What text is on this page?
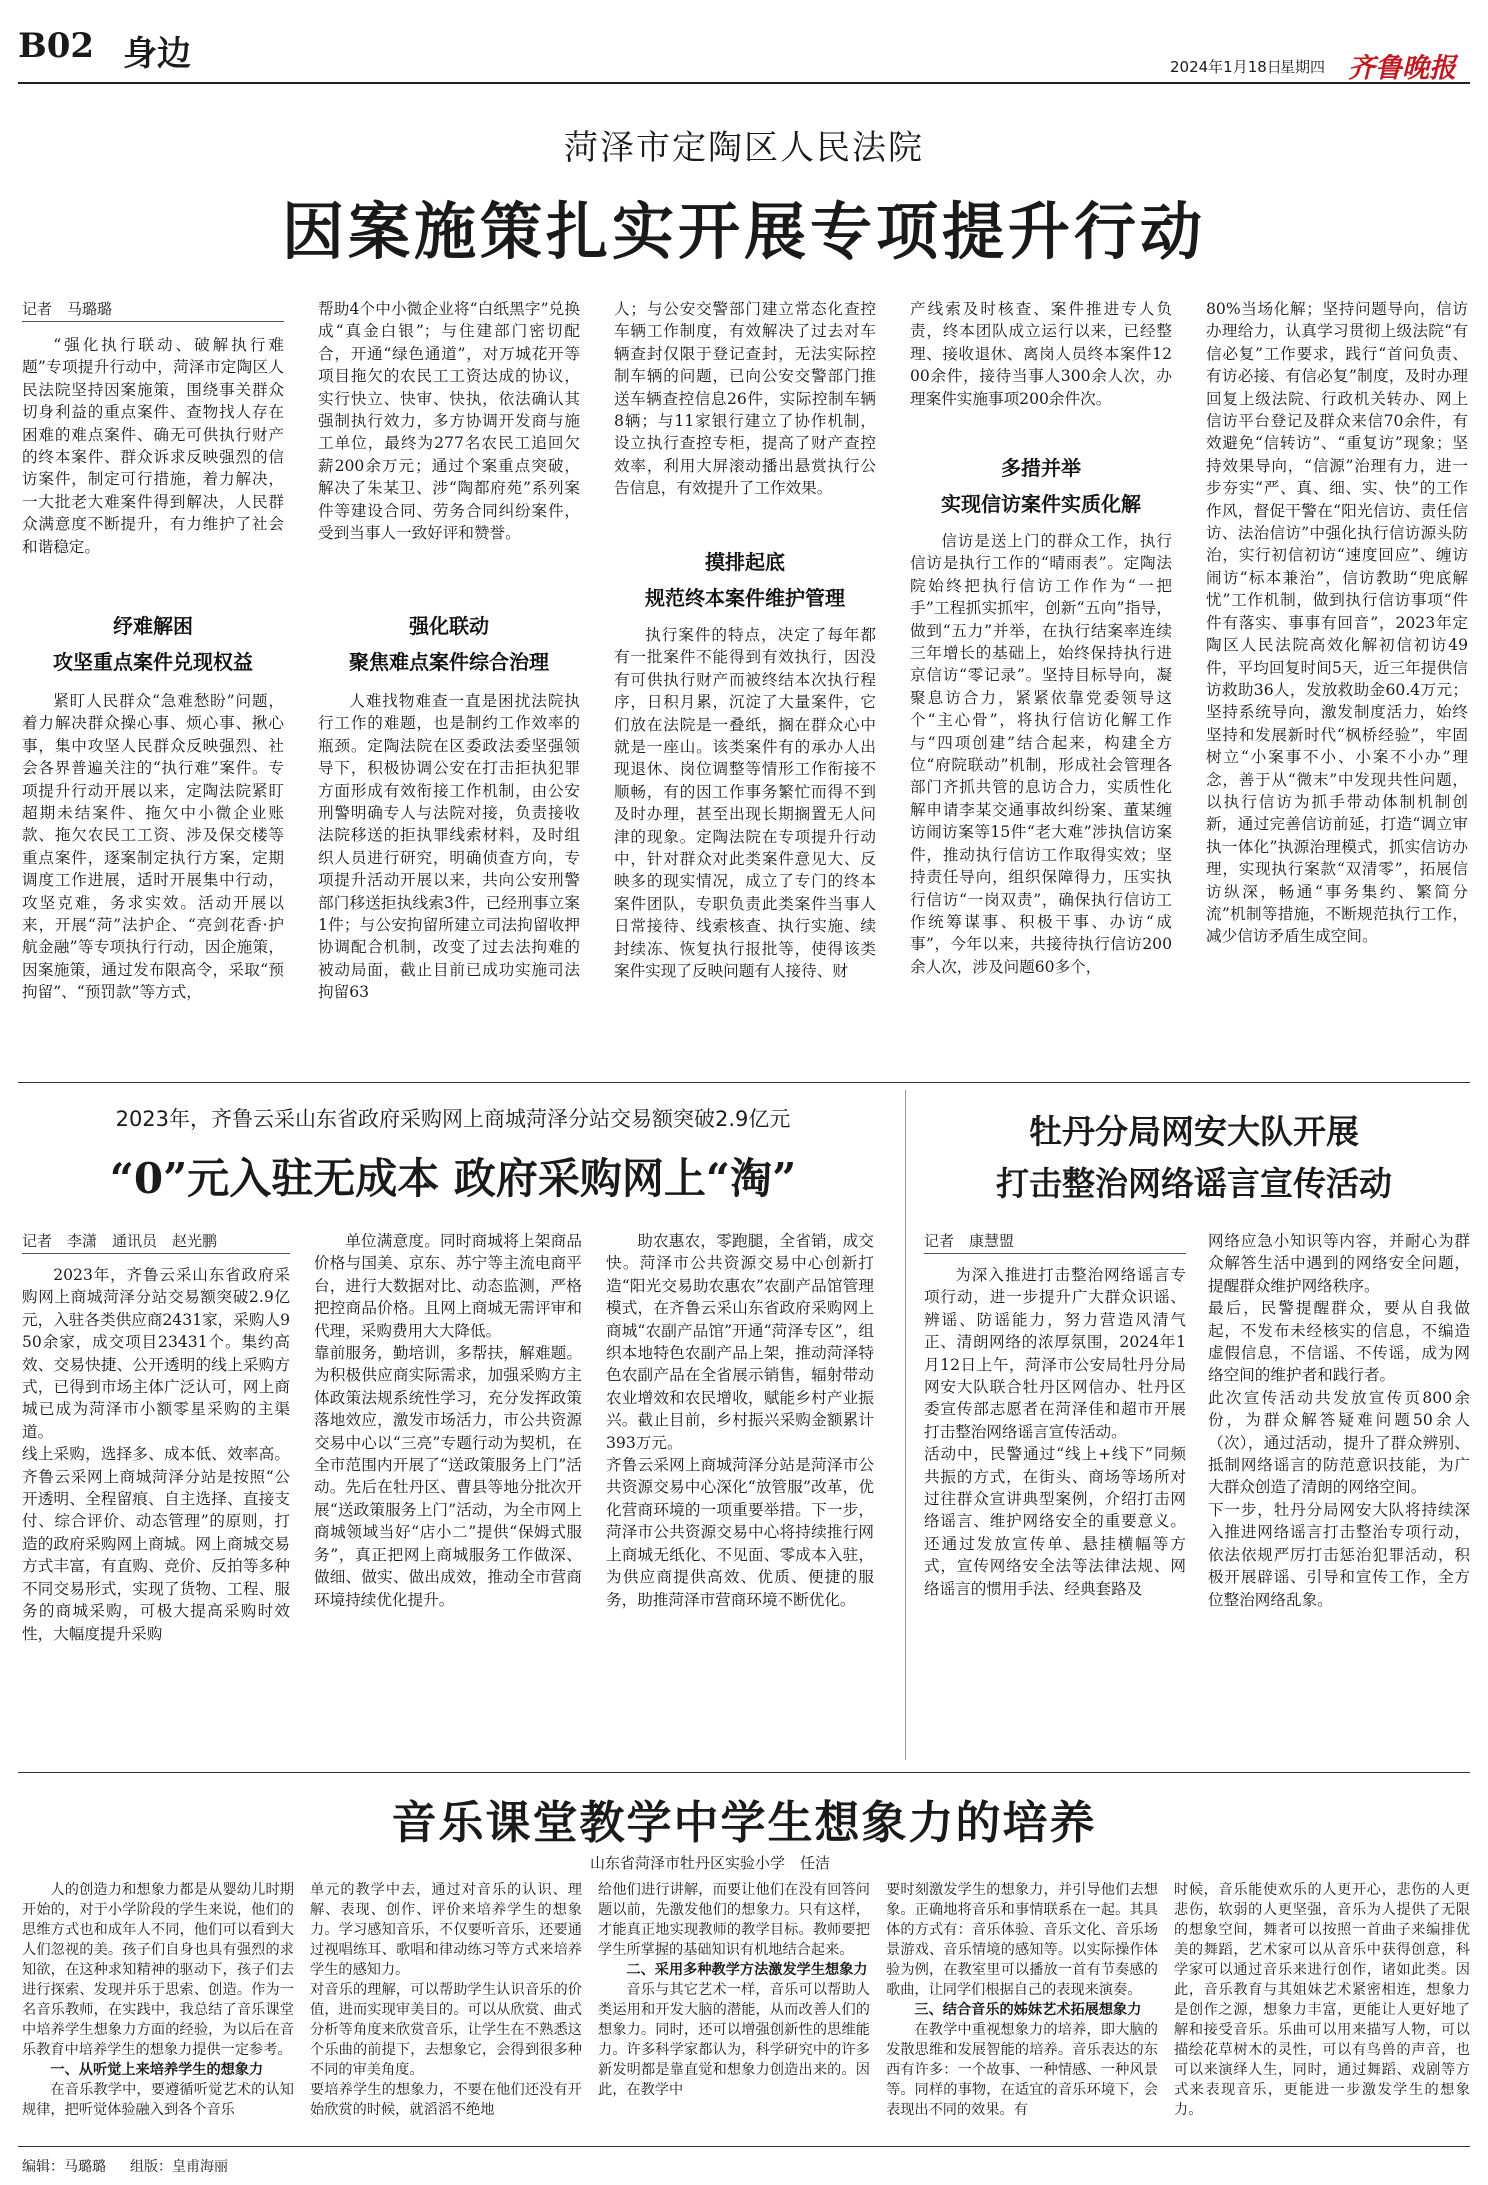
B02 身边	2024年1月18日
星期四 齐鲁晚报
菏泽市定陶区人民法院
因案施策扎实开展专项提升行动
记者　马璐璐
“强化执行联动、破解执行难题”专项提升行动中，菏泽市定陶区人民法院坚持因案施策，围绕事关群众切身利益的重点案件、查物找人存在困难的难点案件、确无可供执行财产的终本案件、群众诉求反映强烈的信访案件，制定可行措施，着力解决，一大批老大难案件得到解决，人民群众满意度不断提升，有力维护了社会和谐稳定。
纾难解困
攻坚重点案件兑现权益
紧盯人民群众“急难愁盼”问题，着力解决群众操心事、烦心事、揪心事，集中攻坚人民群众反映强烈、社会各界普遍关注的“执行难”案件。专项提升行动开展以来，定陶法院紧盯超期未结案件、拖欠中小微企业账款、拖欠农民工工资、涉及保交楼等重点案件，逐案制定执行方案，定期调度工作进展，适时开展集中行动，攻坚克难，务求实效。活动开展以来，开展“菏”法护企、“亮剑花香·护航金融”等专项执行行动，因企施策，因案施策，通过发布限高令，采取“预拘留”、“预罚款”等方式，
帮助4个中小微企业将“白纸黑字”兑换成“真金白银”；与住建部门密切配合，开通“绿色通道”，对万城花开等项目拖欠的农民工工资达成的协议，实行快立、快审、快执，依法确认其强制执行效力，多方协调开发商与施工单位，最终为277名农民工追回欠薪200余万元；通过个案重点突破，解决了朱某卫、涉“陶都府苑”系列案件等建设合同、劳务合同纠纷案件，受到当事人一致好评和赞誉。
强化联动
聚焦难点案件综合治理
人难找物难查一直是困扰法院执行工作的难题，也是制约工作效率的瓶颈。定陶法院在区委政法委坚强领导下，积极协调公安在打击拒执犯罪方面形成有效衔接工作机制，由公安刑警明确专人与法院对接，负责接收法院移送的拒执罪线索材料，及时组织人员进行研究，明确侦查方向，专项提升活动开展以来，共向公安刑警部门移送拒执线索3件，已经刑事立案1件；与公安拘留所建立司法拘留收押协调配合机制，改变了过去法拘难的被动局面，截止目前已成功实施司法拘留63
人；与公安交警部门建立常态化查控车辆工作制度，有效解决了过去对车辆查封仅限于登记查封，无法实际控制车辆的问题，已向公安交警部门推送车辆查控信息26件，实际控制车辆8辆；与11家银行建立了协作机制，设立执行查控专柜，提高了财产查控效率，利用大屏滚动播出悬赏执行公告信息，有效提升了工作效果。
摸排起底
规范终本案件维护管理
执行案件的特点，决定了每年都有一批案件不能得到有效执行，因没有可供执行财产而被终结本次执行程序，日积月累，沉淀了大量案件，它们放在法院是一叠纸，搁在群众心中就是一座山。该类案件有的承办人出现退休、岗位调整等情形工作衔接不顺畅，有的因工作事务繁忙而得不到及时办理，甚至出现长期搁置无人问津的现象。定陶法院在专项提升行动中，针对群众对此类案件意见大、反映多的现实情况，成立了专门的终本案件团队，专职负责此类案件当事人日常接待、线索核查、执行实施、续封续冻、恢复执行报批等，使得该类案件实现了反映问题有人接待、财
产线索及时核查、案件推进专人负责，终本团队成立运行以来，已经整理、接收退休、离岗人员终本案件1200余件，接待当事人300余人次，办理案件实施事项200余件次。
多措并举
实现信访案件实质化解
信访是送上门的群众工作，执行信访是执行工作的“晴雨表”。定陶法院始终把执行信访工作作为“一把手”工程抓实抓牢，创新“五向”指导，做到“五力”并举，在执行结案率连续三年增长的基础上，始终保持执行进京信访“零记录”。坚持目标导向，凝聚息访合力，紧紧依靠党委领导这个“主心骨”，将执行信访化解工作与“四项创建”结合起来，构建全方位“府院联动”机制，形成社会管理各部门齐抓共管的息访合力，实质性化解申请李某交通事故纠纷案、董某缠访闹访案等15件“老大难”涉执信访案件，推动执行信访工作取得实效；坚持责任导向，组织保障得力，压实执行信访“一岗双责”，确保执行信访工作统筹谋事、积极干事、办访“成事”，今年以来，共接待执行信访200余人次，涉及问题60多个，
80%当场化解；坚持问题导向，信访办理给力，认真学习贯彻上级法院“有信必复”工作要求，践行“首问负责、有访必接、有信必复”制度，及时办理回复上级法院、行政机关转办、网上信访平台登记及群众来信70余件，有效避免“信转访”、“重复访”现象；坚持效果导向，“信源”治理有力，进一步夯实“严、真、细、实、快”的工作作风，督促干警在“阳光信访、责任信访、法治信访”中强化执行信访源头防治，实行初信初访“速度回应”、缠访闹访“标本兼治”，信访教助“兜底解忧”工作机制，做到执行信访事项“件件有落实、事事有回音”，2023年定陶区人民法院高效化解初信初访49件，平均回复时间5天，近三年提供信访救助36人，发放救助金60.4万元；坚持系统导向，激发制度活力，始终坚持和发展新时代“枫桥经验”，牢固树立“小案事不小、小案不小办”理念，善于从“微末”中发现共性问题，以执行信访为抓手带动体制机制创新，通过完善信访前延，打造“调立审执一体化”执源治理模式，抓实信访办理，实现执行案款“双清零”，拓展信访纵深，畅通“事务集约、繁简分流”机制等措施，不断规范执行工作，减少信访矛盾生成空间。
2023年，齐鲁云采山东省政府采购网上商城菏泽分站交易额突破2.9亿元
“0”元入驻无成本 政府采购网上“淘”
记者　李潇　通讯员　赵光鹏
2023年，齐鲁云采山东省政府采购网上商城菏泽分站交易额突破2.9亿元，入驻各类供应商2431家，采购人950余家，成交项目23431个。集约高效、交易快捷、公开透明的线上采购方式，已得到市场主体广泛认可，网上商城已成为菏泽市小额零星采购的主渠道。
线上采购，选择多、成本低、效率高。齐鲁云采网上商城菏泽分站是按照“公开透明、全程留痕、自主选择、直接支付、综合评价、动态管理”的原则，打造的政府采购网上商城。网上商城交易方式丰富，有直购、竞价、反拍等多种不同交易形式，实现了货物、工程、服务的商城采购，可极大提高采购时效性，大幅度提升采购
单位满意度。同时商城将上架商品价格与国美、京东、苏宁等主流电商平台，进行大数据对比、动态监测，严格把控商品价格。且网上商城无需评审和代理，采购费用大大降低。
靠前服务，勤培训，多帮扶，解难题。为积极供应商实际需求，加强采购方主体政策法规系统性学习，充分发挥政策落地效应，激发市场活力，市公共资源交易中心以“三亮”专题行动为契机，在全市范围内开展了“送政策服务上门”活动。先后在牡丹区、曹县等地分批次开展“送政策服务上门”活动，为全市网上商城领域当好“店小二”提供“保姆式服务”，真正把网上商城服务工作做深、做细、做实、做出成效，推动全市营商环境持续优化提升。
助农惠农，零跑腿，全省销，成交快。菏泽市公共资源交易中心创新打造“阳光交易助农惠农”农副产品馆管理模式，在齐鲁云采山东省政府采购网上商城“农副产品馆”开通“菏泽专区”，组织本地特色农副产品上架，推动菏泽特色农副产品在全省展示销售，辐射带动农业增效和农民增收，赋能乡村产业振兴。截止目前，乡村振兴采购金额累计393万元。
齐鲁云采网上商城菏泽分站是菏泽市公共资源交易中心深化“放管服”改革，优化营商环境的一项重要举措。下一步，菏泽市公共资源交易中心将持续推行网上商城无纸化、不见面、零成本入驻，为供应商提供高效、优质、便捷的服务，助推菏泽市营商环境不断优化。
牡丹分局网安大队开展
打击整治网络谣言宣传活动
记者　康慧盟
为深入推进打击整治网络谣言专项行动，进一步提升广大群众识谣、辨谣、防谣能力，努力营造风清气正、清朗网络的浓厚氛围，2024年1月12日上午，菏泽市公安局牡丹分局网安大队联合牡丹区网信办、牡丹区委宣传部志愿者在菏泽佳和超市开展打击整治网络谣言宣传活动。
活动中，民警通过“线上+线下”同频共振的方式，在街头、商场等场所对过往群众宣讲典型案例，介绍打击网络谣言、维护网络安全的重要意义。还通过发放宣传单、悬挂横幅等方式，宣传网络安全法等法律法规、网络谣言的惯用手法、经典套路及
网络应急小知识等内容，并耐心为群众解答生活中遇到的网络安全问题，提醒群众维护网络秩序。
最后，民警提醒群众，要从自我做起，不发布未经核实的信息，不编造虚假信息，不信谣、不传谣，成为网络空间的维护者和践行者。
此次宣传活动共发放宣传页800余份，为群众解答疑难问题50余人（次），通过活动，提升了群众辨别、抵制网络谣言的防范意识技能，为广大群众创造了清朗的网络空间。
下一步，牡丹分局网安大队将持续深入推进网络谣言打击整治专项行动，依法依规严厉打击惩治犯罪活动，积极开展辟谣、引导和宣传工作，全方位整治网络乱象。
音乐课堂教学中学生想象力的培养
山东省菏泽市牡丹区实验小学　任洁
人的创造力和想象力都是从婴幼儿时期开始的，对于小学阶段的学生来说，他们的思维方式也和成年人不同，他们可以看到大人们忽视的美。孩子们自身也具有强烈的求知欲，在这种求知精神的驱动下，孩子们去进行探索、发现并乐于思索、创造。作为一名音乐教师，在实践中，我总结了音乐课堂中培养学生想象力方面的经验，为以后在音乐教育中培养学生的想象力提供一定参考。
一、从听觉上来培养学生的想象力
在音乐教学中，要遵循听觉艺术的认知规律，把听觉体验融入到各个音乐
单元的教学中去，通过对音乐的认识、理解、表现、创作、评价来培养学生的想象力。学习感知音乐，不仅要听音乐，还要通过视唱练耳、歌唱和律动练习等方式来培养学生的感知力。
对音乐的理解，可以帮助学生认识音乐的价值，进而实现审美目的。可以从欣赏、曲式分析等角度来欣赏音乐，让学生在不熟悉这个乐曲的前提下，去想象它，会得到很多种不同的审美角度。
要培养学生的想象力，不要在他们还没有开始欣赏的时候，就滔滔不绝地
给他们进行讲解，而要让他们在没有回答问题以前，先激发他们的想象力。只有这样，才能真正地实现教师的教学目标。教师要把学生所掌握的基础知识有机地结合起来。
二、采用多种教学方法激发学生想象力
音乐与其它艺术一样，音乐可以帮助人类运用和开发大脑的潜能，从而改善人们的想象力。同时，还可以增强创新性的思维能力。许多科学家都认为，科学研究中的许多新发明都是靠直觉和想象力创造出来的。因此，在教学中
要时刻激发学生的想象力，并引导他们去想象。正确地将音乐和事情联系在一起。其具体的方式有：音乐体验、音乐文化、音乐场景游戏、音乐情境的感知等。以实际操作体验为例，在教室里可以播放一首有节奏感的歌曲，让同学们根据自己的表现来演奏。
三、结合音乐的姊妹艺术拓展想象力
在教学中重视想象力的培养，即大脑的发散思维和发展智能的培养。音乐表达的东西有许多：一个故事、一种情感、一种风景等。同样的事物，在适宜的音乐环境下，会表现出不同的效果。有
时候，音乐能使欢乐的人更开心，悲伤的人更悲伤，软弱的人更坚强，音乐为人提供了无限的想象空间，舞者可以按照一首曲子来编排优美的舞蹈，艺术家可以从音乐中获得创意，科学家可以通过音乐来进行创作，诸如此类。因此，音乐教育与其姐妹艺术紧密相连，想象力是创作之源，想象力丰富，更能让人更好地了解和接受音乐。乐曲可以用来描写人物，可以描绘花草树木的灵性，可以有鸟兽的声音，也可以来演绎人生，同时，通过舞蹈、戏剧等方式来表现音乐，更能进一步激发学生的想象力。
编辑：马璐璐 组版：皇甫海丽
